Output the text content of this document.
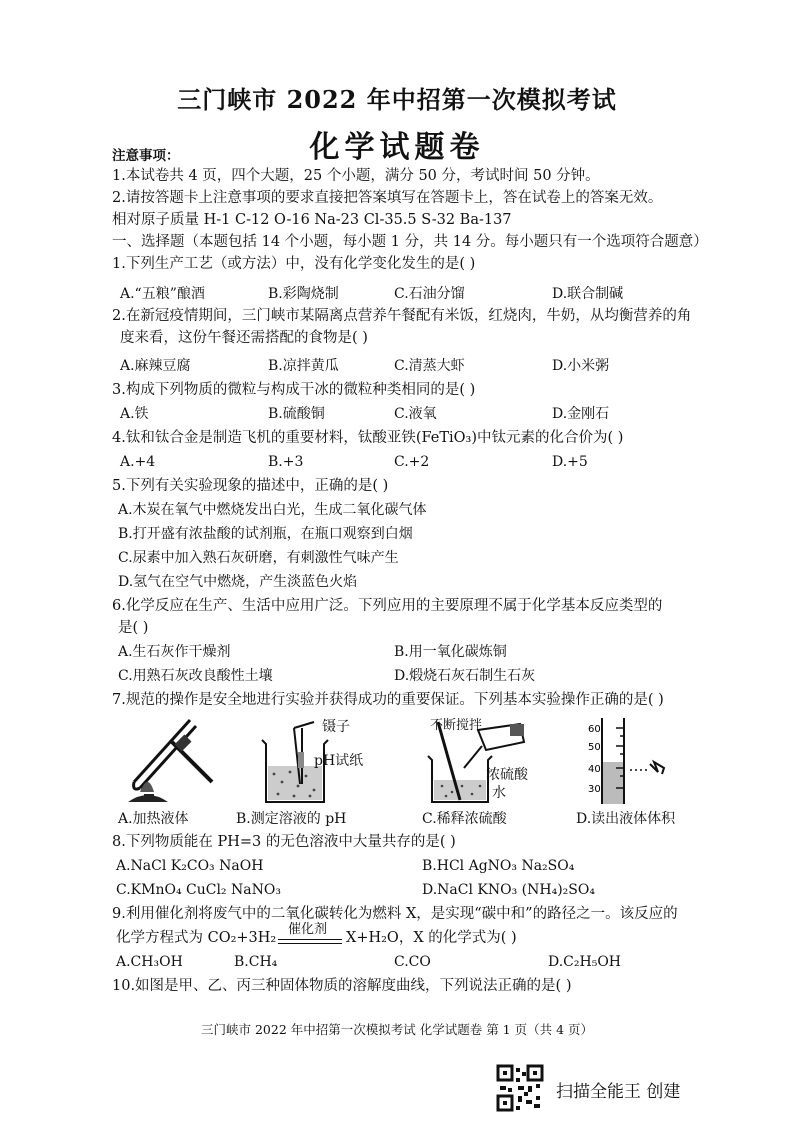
三门峡市 2022 年中招第一次模拟考试
化学试题卷
注意事项：
1.本试卷共 4 页，四个大题，25 个小题，满分 50 分，考试时间 50 分钟。
2.请按答题卡上注意事项的要求直接把答案填写在答题卡上，答在试卷上的答案无效。
相对原子质量 H-1 C-12 O-16 Na-23 Cl-35.5 S-32 Ba-137
一、选择题（本题包括 14 个小题，每小题 1 分，共 14 分。每小题只有一个选项符合题意）
1.下列生产工艺（或方法）中，没有化学变化发生的是( )
A.“五粮”酿酒	B.彩陶烧制	C.石油分馏	D.联合制碱
2.在新冠疫情期间，三门峡市某隔离点营养午餐配有米饭，红烧肉，牛奶，从均衡营养的角
度来看，这份午餐还需搭配的食物是( )
A.麻辣豆腐	B.凉拌黄瓜	C.清蒸大虾	D.小米粥
3.构成下列物质的微粒与构成干冰的微粒种类相同的是( )
A.铁	B.硫酸铜	C.液氧	D.金刚石
4.钛和钛合金是制造飞机的重要材料，钛酸亚铁(FeTiO₃)中钛元素的化合价为( )
A.+4	B.+3	C.+2	D.+5
5.下列有关实验现象的描述中，正确的是( )
A.木炭在氧气中燃烧发出白光，生成二氧化碳气体
B.打开盛有浓盐酸的试剂瓶，在瓶口观察到白烟
C.尿素中加入熟石灰研磨，有刺激性气味产生
D.氢气在空气中燃烧，产生淡蓝色火焰
6.化学反应在生产、生活中应用广泛。下列应用的主要原理不属于化学基本反应类型的
是( )
A.生石灰作干燥剂	B.用一氧化碳炼铜
C.用熟石灰改良酸性土壤	D.煅烧石灰石制生石灰
7.规范的操作是安全地进行实验并获得成功的重要保证。下列基本实验操作正确的是( )
镊子
pH试纸
不断搅拌
浓硫酸
水
60
50
40
30
A.加热液体	B.测定溶液的 pH	C.稀释浓硫酸	D.读出液体体积
8.下列物质能在 PH=3 的无色溶液中大量共存的是( )
A.NaCl K₂CO₃ NaOH	B.HCl AgNO₃ Na₂SO₄
C.KMnO₄ CuCl₂ NaNO₃	D.NaCl KNO₃ (NH₄)₂SO₄
9.利用催化剂将废气中的二氧化碳转化为燃料 X，是实现“碳中和”的路径之一。该反应的
化学方程式为 CO₂+3H₂
催化剂
X+H₂O，X 的化学式为( )
A.CH₃OH	B.CH₄	C.CO	D.C₂H₅OH
10.如图是甲、乙、丙三种固体物质的溶解度曲线，下列说法正确的是( )
三门峡市 2022 年中招第一次模拟考试 化学试题卷 第 1 页（共 4 页）
扫描全能王 创建
